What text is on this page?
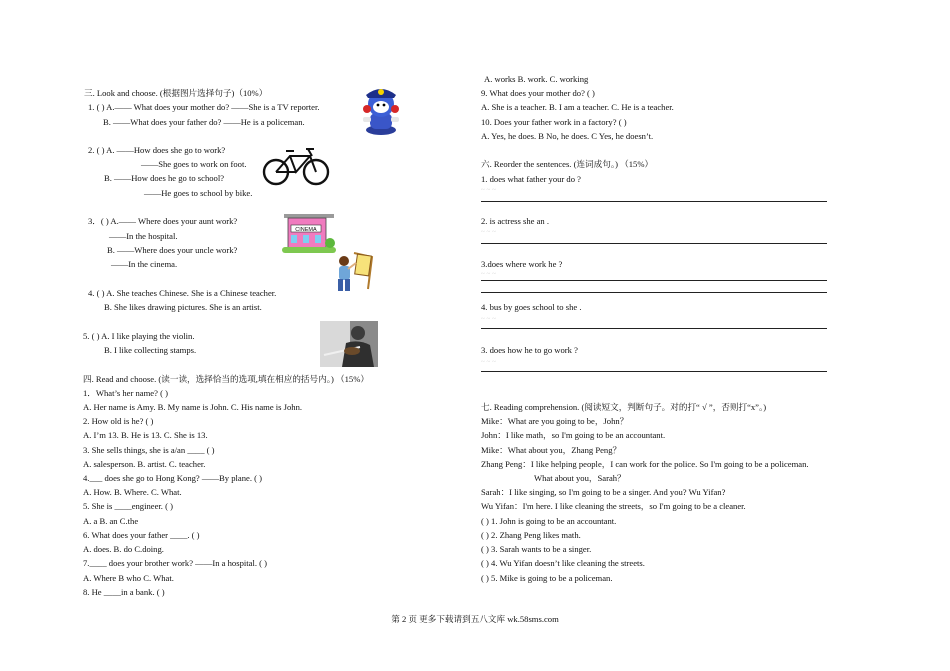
三. Look and choose. (根据图片选择句子)（10%）
1. ( ) A.—— What does your mother do? ——She is a TV reporter.
B. ——What does your father do? ——He is a policeman.
2. ( ) A. ——How does she go to work?
——She goes to work on foot.
B. ——How does he go to school?
——He goes to school by bike.
3．( ) A.—— Where does your aunt work?
——In the hospital.
B. ——Where does your uncle work?
——In the cinema.
CINEMA
4. ( ) A. She teaches Chinese. She is a Chinese teacher.
B. She likes drawing pictures. She is an artist.
5. ( ) A. I like playing the violin.
B. I like collecting stamps.
四. Read and choose. (读一读，选择恰当的选项,填在相应的括号内。) （15%）
1．What’s her name? ( )
A. Her name is Amy. B. My name is John. C. His name is John.
2. How old is he? ( )
A. I’m 13. B. He is 13. C. She is 13.
3. She sells things, she is a/an ____ ( )
A. salesperson. B. artist. C. teacher.
4.___ does she go to Hong Kong? ——By plane. ( )
A. How. B. Where. C. What.
5. She is ____engineer. ( )
A. a B. an C.the
6. What does your father ____. ( )
A. does. B. do C.doing.
7.____ does your brother work? ——In a hospital. ( )
A. Where B who C. What.
8. He ____in a bank. ( )
A. works B. work. C. working
9. What does your mother do? ( )
A. She is a teacher. B. I am a teacher. C. He is a teacher.
10. Does your father work in a factory? ( )
A. Yes, he does. B No, he does. C Yes, he doesn’t.
六. Reorder the sentences. (连词成句。) （15%）
1. does what father your do ?
~ ~ ~
2. is actress she an .
~ ~ ~
3.does where work he ?
~ ~ ~
4. bus by goes school to she .
~ ~ ~
3. does how he to go work ?
~ ~ ~
七. Reading comprehension. (阅读短文，判断句子。对的打“ √ ”，否则打“x”。)
Mike：What are you going to be，John？
John：I like math，so I'm going to be an accountant.
Mike：What about you，Zhang Peng？
Zhang Peng：I like helping people，I can work for the police. So I'm going to be a policeman.
What about you，Sarah？
Sarah：I like singing, so I'm going to be a singer. And you? Wu Yifan?
Wu Yifan：I'm here. I like cleaning the streets，so I'm going to be a cleaner.
( ) 1. John is going to be an accountant.
( ) 2. Zhang Peng likes math.
( ) 3. Sarah wants to be a singer.
( ) 4. Wu Yifan doesn’t like cleaning the streets.
( ) 5. Mike is going to be a policeman.
第 2 页 更多下载请到五八文库 wk.58sms.com
